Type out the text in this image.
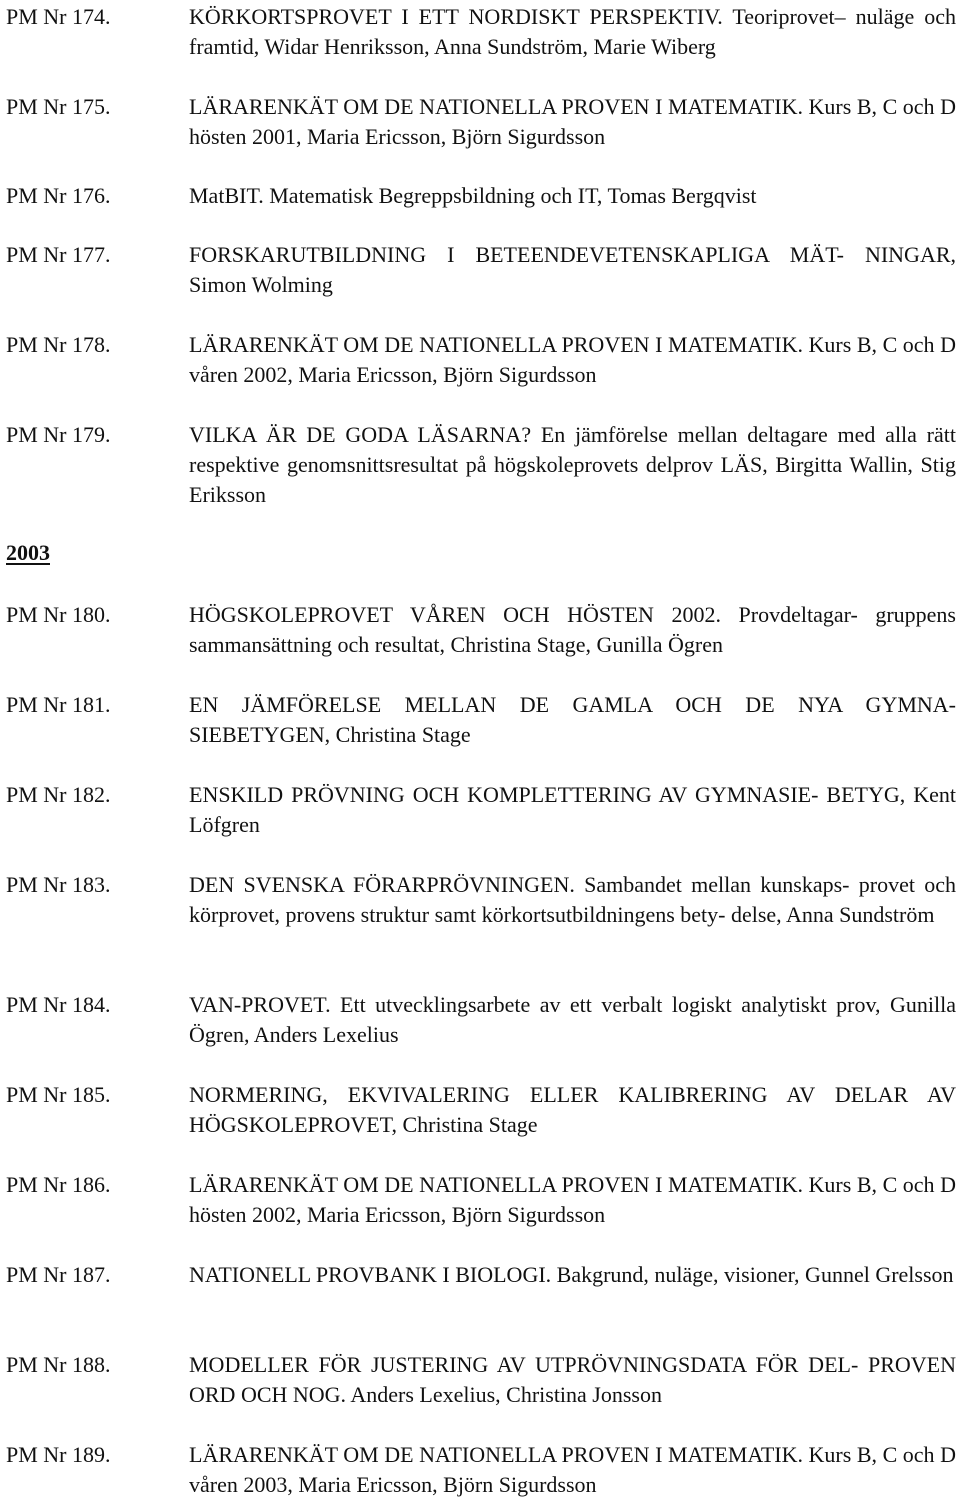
PM Nr 174.	KÖRKORTSPROVET I ETT NORDISKT PERSPEKTIV. Teoriprovet– nuläge och framtid, Widar Henriksson, Anna Sundström, Marie Wiberg
PM Nr 175.	LÄRARENKÄT OM DE NATIONELLA PROVEN I MATEMATIK. Kurs B, C och D hösten 2001, Maria Ericsson, Björn Sigurdsson
PM Nr 176.	MatBIT. Matematisk Begreppsbildning och IT, Tomas Bergqvist
PM Nr 177.	FORSKARUTBILDNING I BETEENDEVETENSKAPLIGA MÄT- NINGAR, Simon Wolming
PM Nr 178.	LÄRARENKÄT OM DE NATIONELLA PROVEN I MATEMATIK. Kurs B, C och D våren 2002, Maria Ericsson, Björn Sigurdsson
PM Nr 179.	VILKA ÄR DE GODA LÄSARNA? En jämförelse mellan deltagare med alla rätt respektive genomsnittsresultat på högskoleprovets delprov LÄS, Birgitta Wallin, Stig Eriksson
2003
PM Nr 180.	HÖGSKOLEPROVET VÅREN OCH HÖSTEN 2002. Provdeltagar- gruppens sammansättning och resultat, Christina Stage, Gunilla Ögren
PM Nr 181.	EN JÄMFÖRELSE MELLAN DE GAMLA OCH DE NYA GYMNA- SIEBETYGEN, Christina Stage
PM Nr 182.	ENSKILD PRÖVNING OCH KOMPLETTERING AV GYMNASIE- BETYG, Kent Löfgren
PM Nr 183.	DEN SVENSKA FÖRARPRÖVNINGEN. Sambandet mellan kunskaps- provet och körprovet, provens struktur samt körkortsutbildningens bety- delse, Anna Sundström
PM Nr 184.	VAN-PROVET. Ett utvecklingsarbete av ett verbalt logiskt analytiskt prov, Gunilla Ögren, Anders Lexelius
PM Nr 185.	NORMERING, EKVIVALERING ELLER KALIBRERING AV DELAR AV HÖGSKOLEPROVET, Christina Stage
PM Nr 186.	LÄRARENKÄT OM DE NATIONELLA PROVEN I MATEMATIK. Kurs B, C och D hösten 2002, Maria Ericsson, Björn Sigurdsson
PM Nr 187.	NATIONELL PROVBANK I BIOLOGI. Bakgrund, nuläge, visioner, Gunnel Grelsson
PM Nr 188.	MODELLER FÖR JUSTERING AV UTPRÖVNINGSDATA FÖR DEL- PROVEN ORD OCH NOG. Anders Lexelius, Christina Jonsson
PM Nr 189.	LÄRARENKÄT OM DE NATIONELLA PROVEN I MATEMATIK. Kurs B, C och D våren 2003, Maria Ericsson, Björn Sigurdsson
